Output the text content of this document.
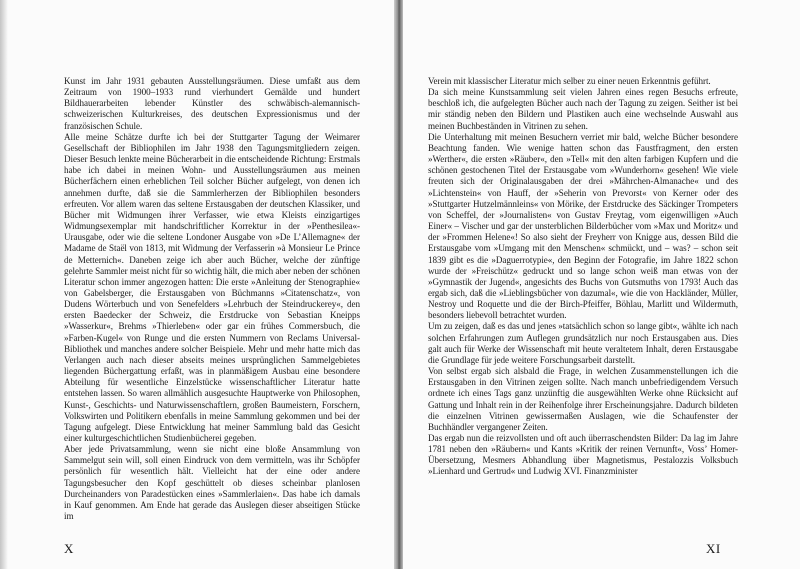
Kunst im Jahr 1931 gebauten Ausstellungsräumen. Diese umfaßt aus dem Zeitraum von 1900–1933 rund vierhundert Gemälde und hundert Bildhauerarbeiten lebender Künstler des schwäbisch-alemannisch-schweizerischen Kulturkreises, des deutschen Expressionismus und der französischen Schule.

Alle meine Schätze durfte ich bei der Stuttgarter Tagung der Weimarer Gesellschaft der Bibliophilen im Jahr 1938 den Tagungsmitgliedern zeigen. Dieser Besuch lenkte meine Bücherarbeit in die entscheidende Richtung: Erstmals habe ich dabei in meinen Wohn- und Ausstellungsräumen aus meinen Bücherfächern einen erheblichen Teil solcher Bücher aufgelegt, von denen ich annehmen durfte, daß sie die Sammlerherzen der Bibliophilen besonders erfreuten. Vor allem waren das seltene Erstausgaben der deutschen Klassiker, und Bücher mit Widmungen ihrer Verfasser, wie etwa Kleists einzigartiges Widmungsexemplar mit handschriftlicher Korrektur in der »Penthesilea«-Urausgabe, oder wie die seltene Londoner Ausgabe von »De L’Allemagne« der Madame de Staël von 1813, mit Widmung der Verfasserin »à Monsieur Le Prince de Metternich«. Daneben zeige ich aber auch Bücher, welche der zünftige gelehrte Sammler meist nicht für so wichtig hält, die mich aber neben der schönen Literatur schon immer angezogen hatten: Die erste »Anleitung der Stenographie« von Gabelsberger, die Erstausgaben von Büchmanns »Citatenschatz«, von Dudens Wörterbuch und von Senefelders »Lehrbuch der Steindruckerey«, den ersten Baedecker der Schweiz, die Erstdrucke von Sebastian Kneipps »Wasserkur«, Brehms »Thierleben« oder gar ein frühes Commersbuch, die »Farben-Kugel« von Runge und die ersten Nummern von Reclams Universal-Bibliothek und manches andere solcher Beispiele. Mehr und mehr hatte mich das Verlangen auch nach dieser abseits meines ursprünglichen Sammelgebietes liegenden Büchergattung erfaßt, was in planmäßigem Ausbau eine besondere Abteilung für wesentliche Einzelstücke wissenschaftlicher Literatur hatte entstehen lassen. So waren allmählich ausgesuchte Hauptwerke von Philosophen, Kunst-, Geschichts- und Naturwissenschaftlern, großen Baumeistern, Forschern, Volkswirten und Politikern ebenfalls in meine Sammlung gekommen und bei der Tagung aufgelegt. Diese Entwicklung hat meiner Sammlung bald das Gesicht einer kulturgeschichtlichen Studienbücherei gegeben.

Aber jede Privatsammlung, wenn sie nicht eine bloße Ansammlung von Sammelgut sein will, soll einen Eindruck von dem vermitteln, was ihr Schöpfer persönlich für wesentlich hält. Vielleicht hat der eine oder andere Tagungsbesucher den Kopf geschüttelt ob dieses scheinbar planlosen Durcheinanders von Paradestücken eines »Sammlerlaien«. Das habe ich damals in Kauf genommen. Am Ende hat gerade das Auslegen dieser abseitigen Stücke im

X

Verein mit klassischer Literatur mich selber zu einer neuen Erkenntnis geführt.

Da sich meine Kunstsammlung seit vielen Jahren eines regen Besuchs erfreute, beschloß ich, die aufgelegten Bücher auch nach der Tagung zu zeigen. Seither ist bei mir ständig neben den Bildern und Plastiken auch eine wechselnde Auswahl aus meinen Buchbeständen in Vitrinen zu sehen.

Die Unterhaltung mit meinen Besuchern verriet mir bald, welche Bücher besondere Beachtung fanden. Wie wenige hatten schon das Faustfragment, den ersten »Werther«, die ersten »Räuber«, den »Tell« mit den alten farbigen Kupfern und die schönen gestochenen Titel der Erstausgabe vom »Wunderhorn« gesehen! Wie viele freuten sich der Originalausgaben der drei »Mährchen-Almanache« und des »Lichtenstein« von Hauff, der »Seherin von Prevorst« von Kerner oder des »Stuttgarter Hutzelmännleins« von Mörike, der Erstdrucke des Säckinger Trompeters von Scheffel, der »Journalisten« von Gustav Freytag, vom eigenwilligen »Auch Einer« – Vischer und gar der unsterblichen Bilderbücher vom »Max und Moritz« und der »Frommen Helene«! So also sieht der Freyherr von Knigge aus, dessen Bild die Erstausgabe vom »Umgang mit den Menschen« schmückt, und – was? – schon seit 1839 gibt es die »Daguerrotypie«, den Beginn der Fotografie, im Jahre 1822 schon wurde der »Freischütz« gedruckt und so lange schon weiß man etwas von der »Gymnastik der Jugend«, angesichts des Buchs von Gutsmuths von 1793! Auch das ergab sich, daß die »Lieblingsbücher von dazumal«, wie die von Hackländer, Müller, Nestroy und Roquette und die der Birch-Pfeiffer, Böhlau, Marlitt und Wildermuth, besonders liebevoll betrachtet wurden.

Um zu zeigen, daß es das und jenes »tatsächlich schon so lange gibt«, wählte ich nach solchen Erfahrungen zum Auflegen grundsätzlich nur noch Erstausgaben aus. Dies galt auch für Werke der Wissenschaft mit heute veraltetem Inhalt, deren Erstausgabe die Grundlage für jede weitere Forschungsarbeit darstellt.

Von selbst ergab sich alsbald die Frage, in welchen Zusammenstellungen ich die Erstausgaben in den Vitrinen zeigen sollte. Nach manch unbefriedigendem Versuch ordnete ich eines Tags ganz unzünftig die ausgewählten Werke ohne Rücksicht auf Gattung und Inhalt rein in der Reihenfolge ihrer Erscheinungsjahre. Dadurch bildeten die einzelnen Vitrinen gewissermaßen Auslagen, wie die Schaufenster der Buchhändler vergangener Zeiten.

Das ergab nun die reizvollsten und oft auch überraschendsten Bilder: Da lag im Jahre 1781 neben den »Räubern« und Kants »Kritik der reinen Vernunft«, Voss’ Homer-Übersetzung, Mesmers Abhandlung über Magnetismus, Pestalozzis Volksbuch »Lienhard und Gertrud« und Ludwig XVI. Finanzminister

XI
